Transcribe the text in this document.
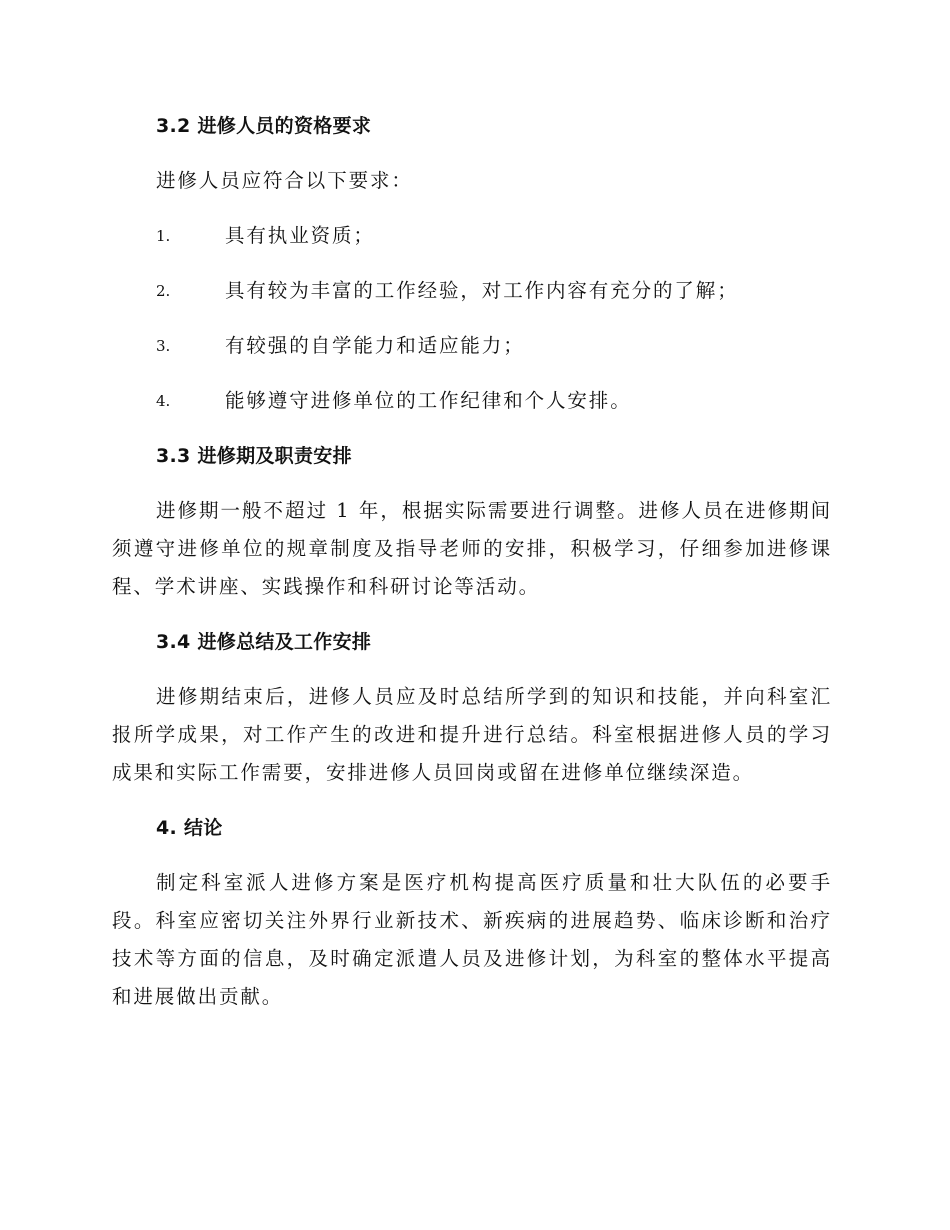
3.2 进修人员的资格要求
进修人员应符合以下要求：
1.	具有执业资质；
2.	具有较为丰富的工作经验，对工作内容有充分的了解；
3.	有较强的自学能力和适应能力；
4.	能够遵守进修单位的工作纪律和个人安排。
3.3 进修期及职责安排
进修期一般不超过 1 年，根据实际需要进行调整。进修人员在进修期间须遵守进修单位的规章制度及指导老师的安排，积极学习，仔细参加进修课程、学术讲座、实践操作和科研讨论等活动。
3.4 进修总结及工作安排
进修期结束后，进修人员应及时总结所学到的知识和技能，并向科室汇报所学成果，对工作产生的改进和提升进行总结。科室根据进修人员的学习成果和实际工作需要，安排进修人员回岗或留在进修单位继续深造。
4. 结论
制定科室派人进修方案是医疗机构提高医疗质量和壮大队伍的必要手段。科室应密切关注外界行业新技术、新疾病的进展趋势、临床诊断和治疗技术等方面的信息，及时确定派遣人员及进修计划，为科室的整体水平提高和进展做出贡献。
